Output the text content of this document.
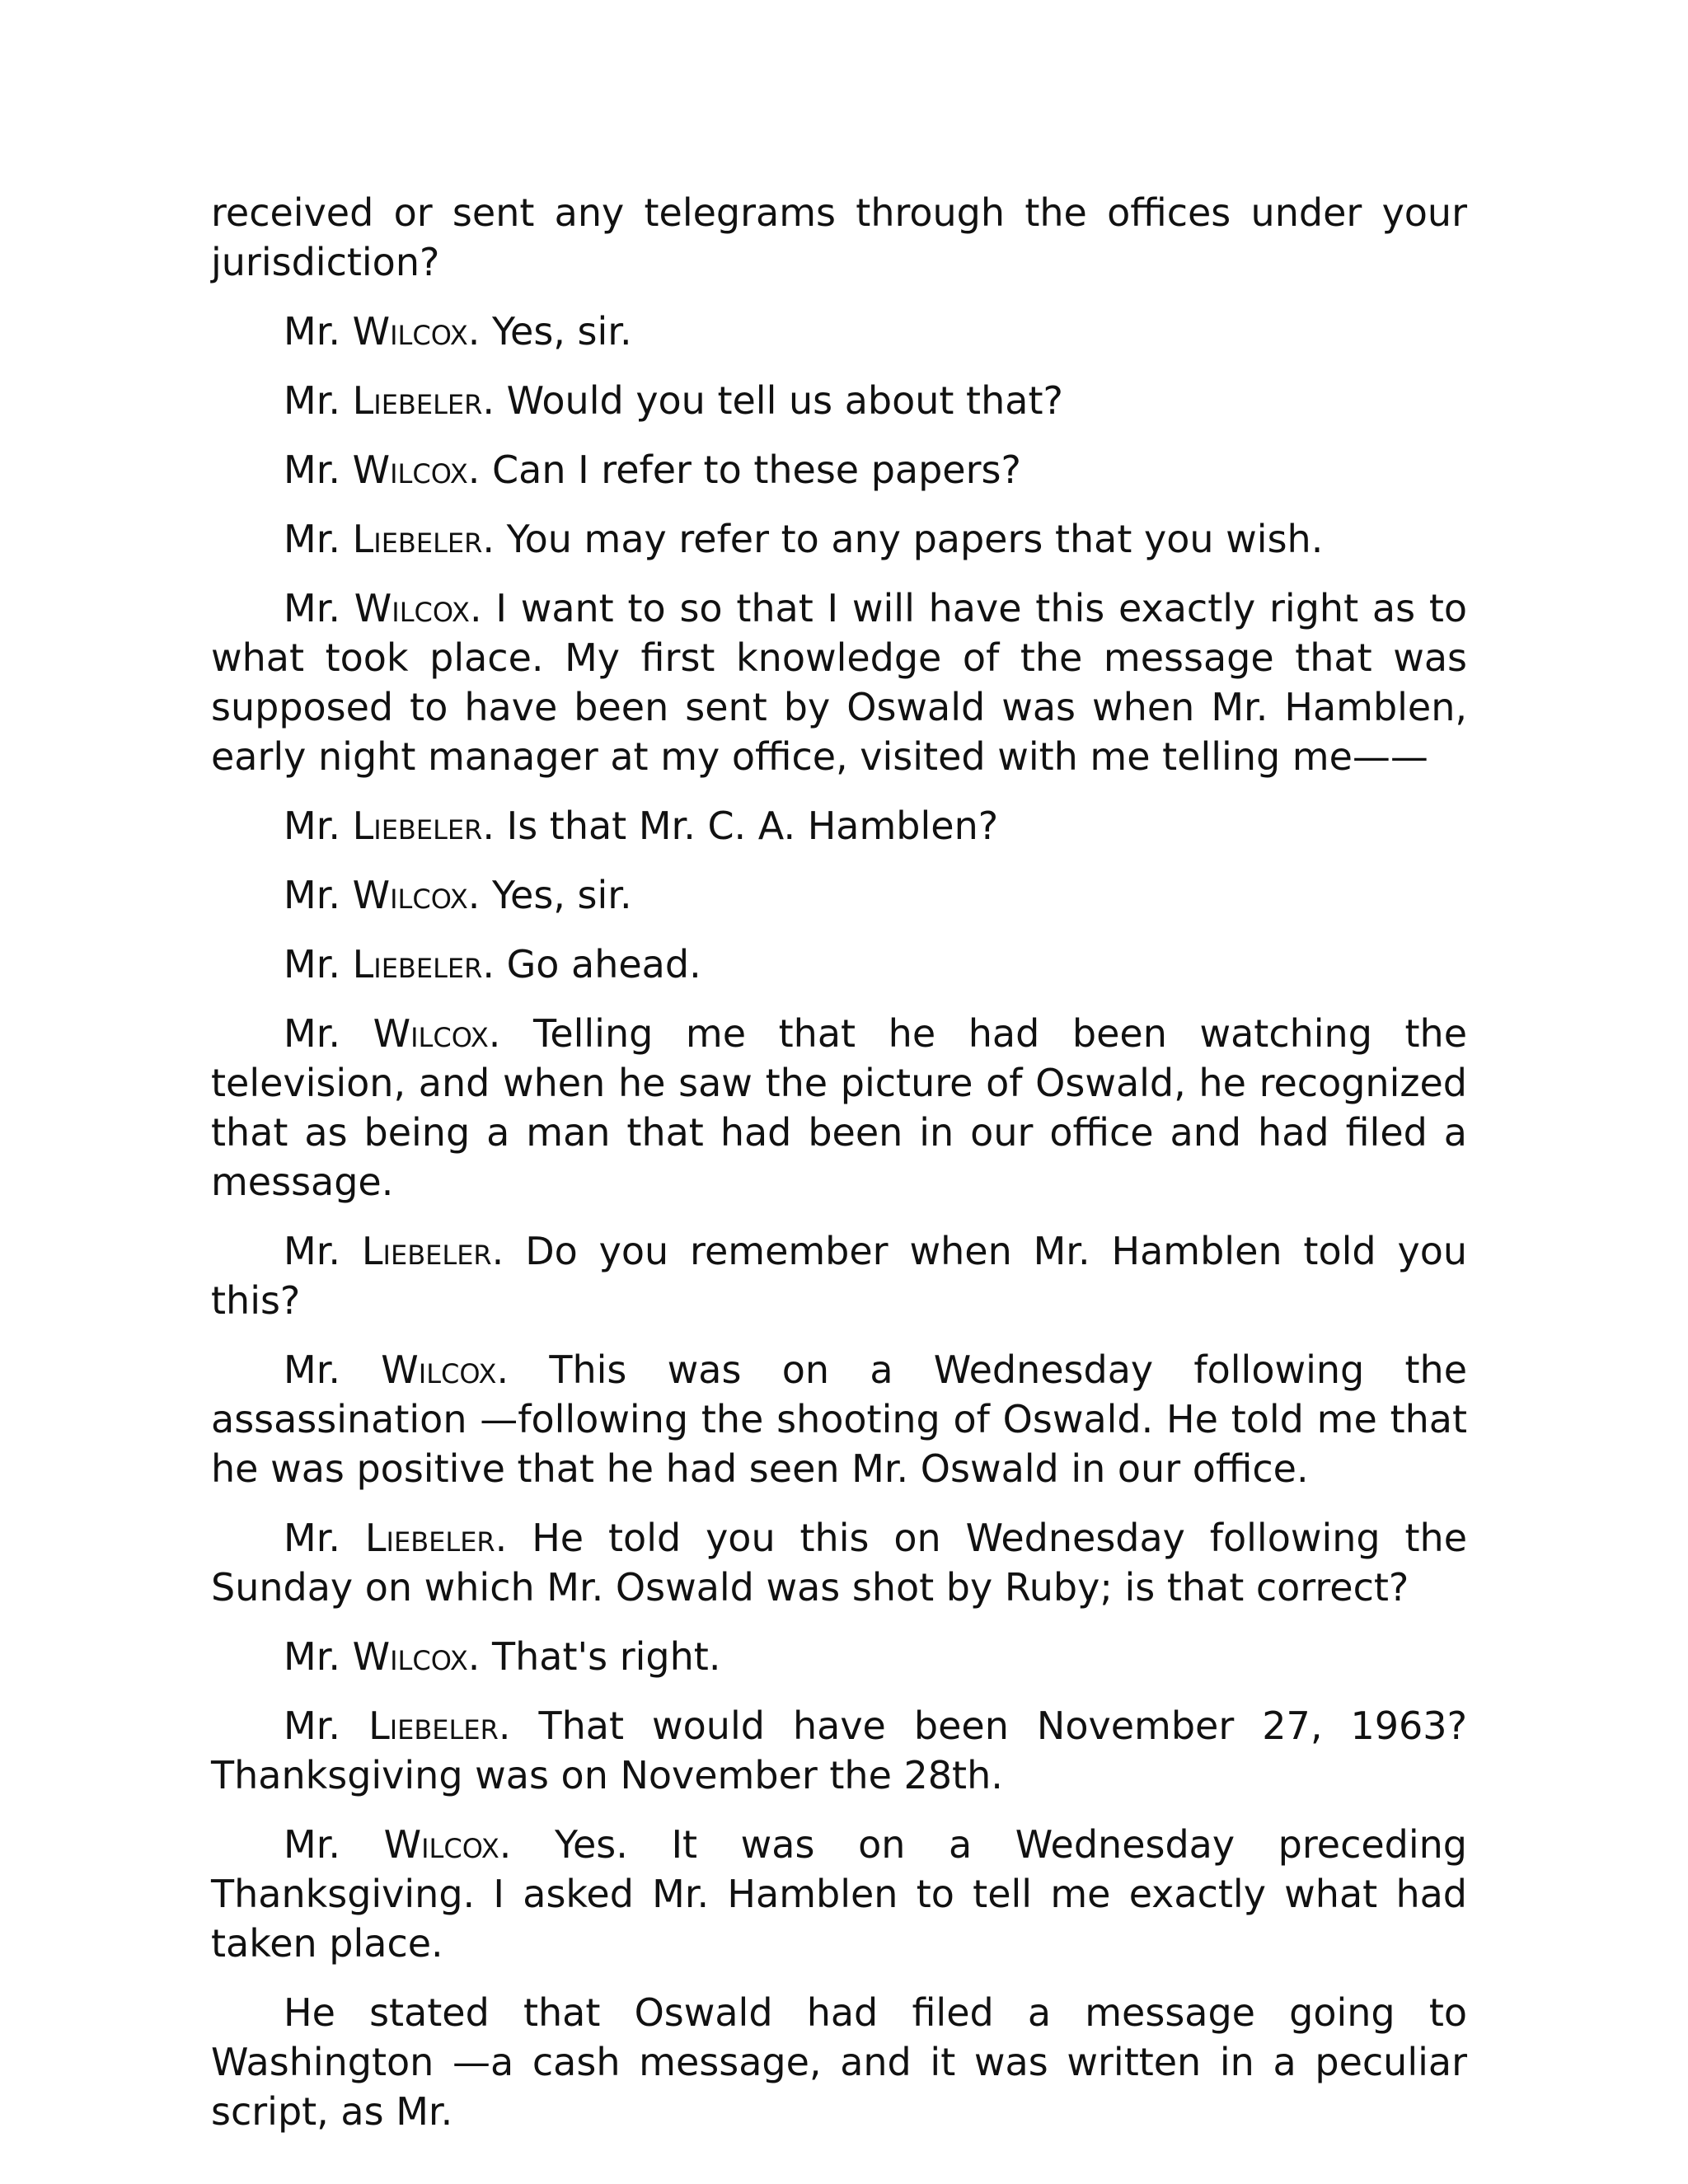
received or sent any telegrams through the offices under your jurisdiction?

Mr. Wilcox. Yes, sir.

Mr. Liebeler. Would you tell us about that?

Mr. Wilcox. Can I refer to these papers?

Mr. Liebeler. You may refer to any papers that you wish.

Mr. Wilcox. I want to so that I will have this exactly right as to what took place. My first knowledge of the message that was supposed to have been sent by Oswald was when Mr. Hamblen, early night manager at my office, visited with me telling me——

Mr. Liebeler. Is that Mr. C. A. Hamblen?

Mr. Wilcox. Yes, sir.

Mr. Liebeler. Go ahead.

Mr. Wilcox. Telling me that he had been watching the television, and when he saw the picture of Oswald, he recognized that as being a man that had been in our office and had filed a message.

Mr. Liebeler. Do you remember when Mr. Hamblen told you this?

Mr. Wilcox. This was on a Wednesday following the assassination —following the shooting of Oswald. He told me that he was positive that he had seen Mr. Oswald in our office.

Mr. Liebeler. He told you this on Wednesday following the Sunday on which Mr. Oswald was shot by Ruby; is that correct?

Mr. Wilcox. That's right.

Mr. Liebeler. That would have been November 27, 1963? Thanksgiving was on November the 28th.

Mr. Wilcox. Yes. It was on a Wednesday preceding Thanksgiving. I asked Mr. Hamblen to tell me exactly what had taken place.

He stated that Oswald had filed a message going to Washington —a cash message, and it was written in a peculiar script, as Mr.
